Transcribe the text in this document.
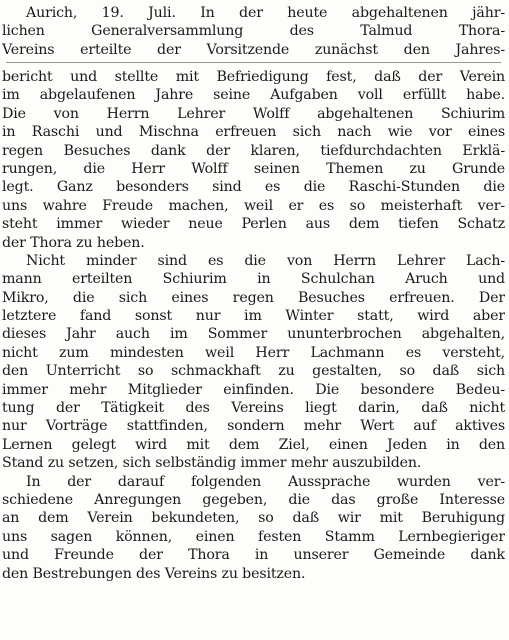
Aurich, 19. Juli. In der heute abgehaltenen jähr-
lichen Generalversammlung des Talmud Thora-
Vereins erteilte der Vorsitzende zunächst den Jahres-
bericht und stellte mit Befriedigung fest, daß der Verein
im abgelaufenen Jahre seine Aufgaben voll erfüllt habe.
Die von Herrn Lehrer Wolff abgehaltenen Schiurim
in Raschi und Mischna erfreuen sich nach wie vor eines
regen Besuches dank der klaren, tiefdurchdachten Erklä-
rungen, die Herr Wolff seinen Themen zu Grunde
legt. Ganz besonders sind es die Raschi-Stunden die
uns wahre Freude machen, weil er es so meisterhaft ver-
steht immer wieder neue Perlen aus dem tiefen Schatz
der Thora zu heben.
Nicht minder sind es die von Herrn Lehrer Lach-
mann erteilten Schiurim in Schulchan Aruch und
Mikro, die sich eines regen Besuches erfreuen. Der
letztere fand sonst nur im Winter statt, wird aber
dieses Jahr auch im Sommer ununterbrochen abgehalten,
nicht zum mindesten weil Herr Lachmann es versteht,
den Unterricht so schmackhaft zu gestalten, so daß sich
immer mehr Mitglieder einfinden. Die besondere Bedeu-
tung der Tätigkeit des Vereins liegt darin, daß nicht
nur Vorträge stattfinden, sondern mehr Wert auf aktives
Lernen gelegt wird mit dem Ziel, einen Jeden in den
Stand zu setzen, sich selbständig immer mehr auszubilden.
In der darauf folgenden Aussprache wurden ver-
schiedene Anregungen gegeben, die das große Interesse
an dem Verein bekundeten, so daß wir mit Beruhigung
uns sagen können, einen festen Stamm Lernbegieriger
und Freunde der Thora in unserer Gemeinde dank
den Bestrebungen des Vereins zu besitzen.
